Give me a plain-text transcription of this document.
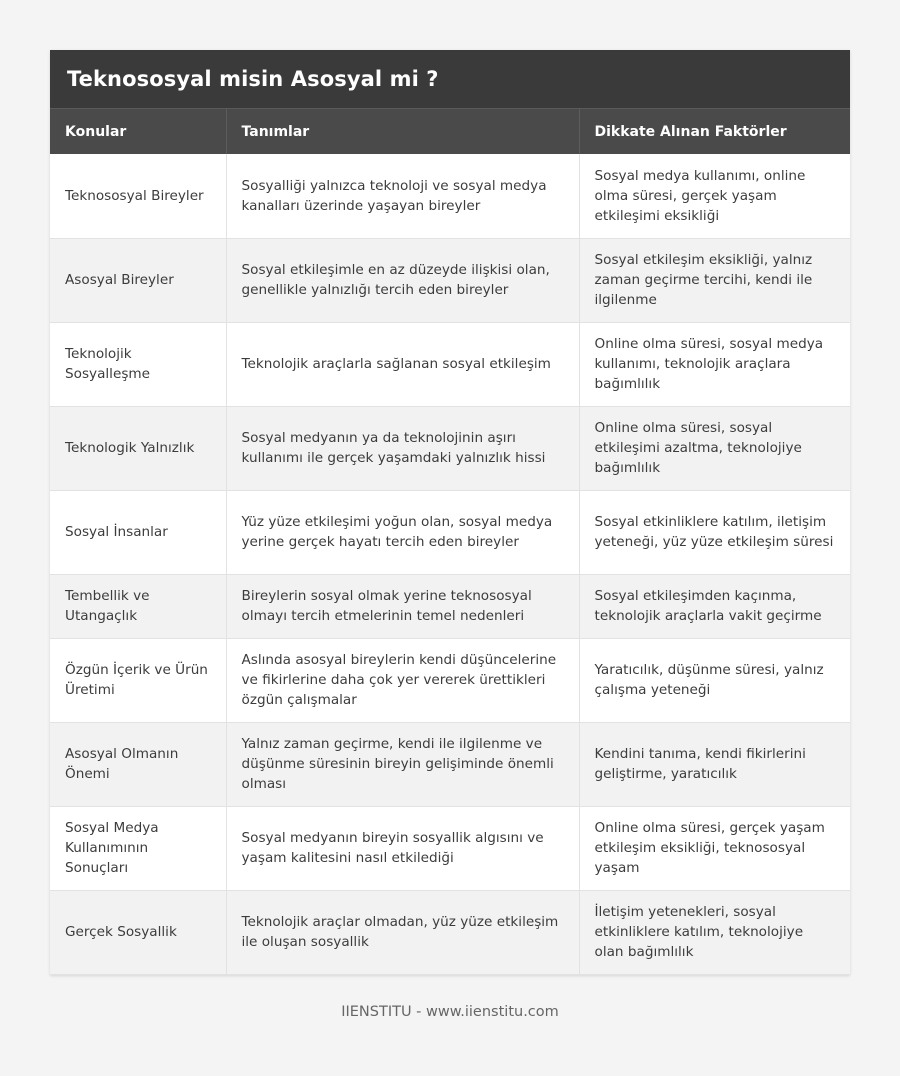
Teknososyal misin Asosyal mi ?
Konular	Tanımlar	Dikkate Alınan Faktörler
Teknososyal Bireyler	Sosyalliği yalnızca teknoloji ve sosyal medya kanalları üzerinde yaşayan bireyler	Sosyal medya kullanımı, online olma süresi, gerçek yaşam etkileşimi eksikliği
Asosyal Bireyler	Sosyal etkileşimle en az düzeyde ilişkisi olan, genellikle yalnızlığı tercih eden bireyler	Sosyal etkileşim eksikliği, yalnız zaman geçirme tercihi, kendi ile ilgilenme
Teknolojik Sosyalleşme	Teknolojik araçlarla sağlanan sosyal etkileşim	Online olma süresi, sosyal medya kullanımı, teknolojik araçlara bağımlılık
Teknologik Yalnızlık	Sosyal medyanın ya da teknolojinin aşırı kullanımı ile gerçek yaşamdaki yalnızlık hissi	Online olma süresi, sosyal etkileşimi azaltma, teknolojiye bağımlılık
Sosyal İnsanlar	Yüz yüze etkileşimi yoğun olan, sosyal medya yerine gerçek hayatı tercih eden bireyler	Sosyal etkinliklere katılım, iletişim yeteneği, yüz yüze etkileşim süresi
Tembellik ve Utangaçlık	Bireylerin sosyal olmak yerine teknososyal olmayı tercih etmelerinin temel nedenleri	Sosyal etkileşimden kaçınma, teknolojik araçlarla vakit geçirme
Özgün İçerik ve Ürün Üretimi	Aslında asosyal bireylerin kendi düşüncelerine ve fikirlerine daha çok yer vererek ürettikleri özgün çalışmalar	Yaratıcılık, düşünme süresi, yalnız çalışma yeteneği
Asosyal Olmanın Önemi	Yalnız zaman geçirme, kendi ile ilgilenme ve düşünme süresinin bireyin gelişiminde önemli olması	Kendini tanıma, kendi fikirlerini geliştirme, yaratıcılık
Sosyal Medya Kullanımının Sonuçları	Sosyal medyanın bireyin sosyallik algısını ve yaşam kalitesini nasıl etkilediği	Online olma süresi, gerçek yaşam etkileşim eksikliği, teknososyal yaşam
Gerçek Sosyallik	Teknolojik araçlar olmadan, yüz yüze etkileşim ile oluşan sosyallik	İletişim yetenekleri, sosyal etkinliklere katılım, teknolojiye olan bağımlılık
IIENSTITU - www.iienstitu.com
